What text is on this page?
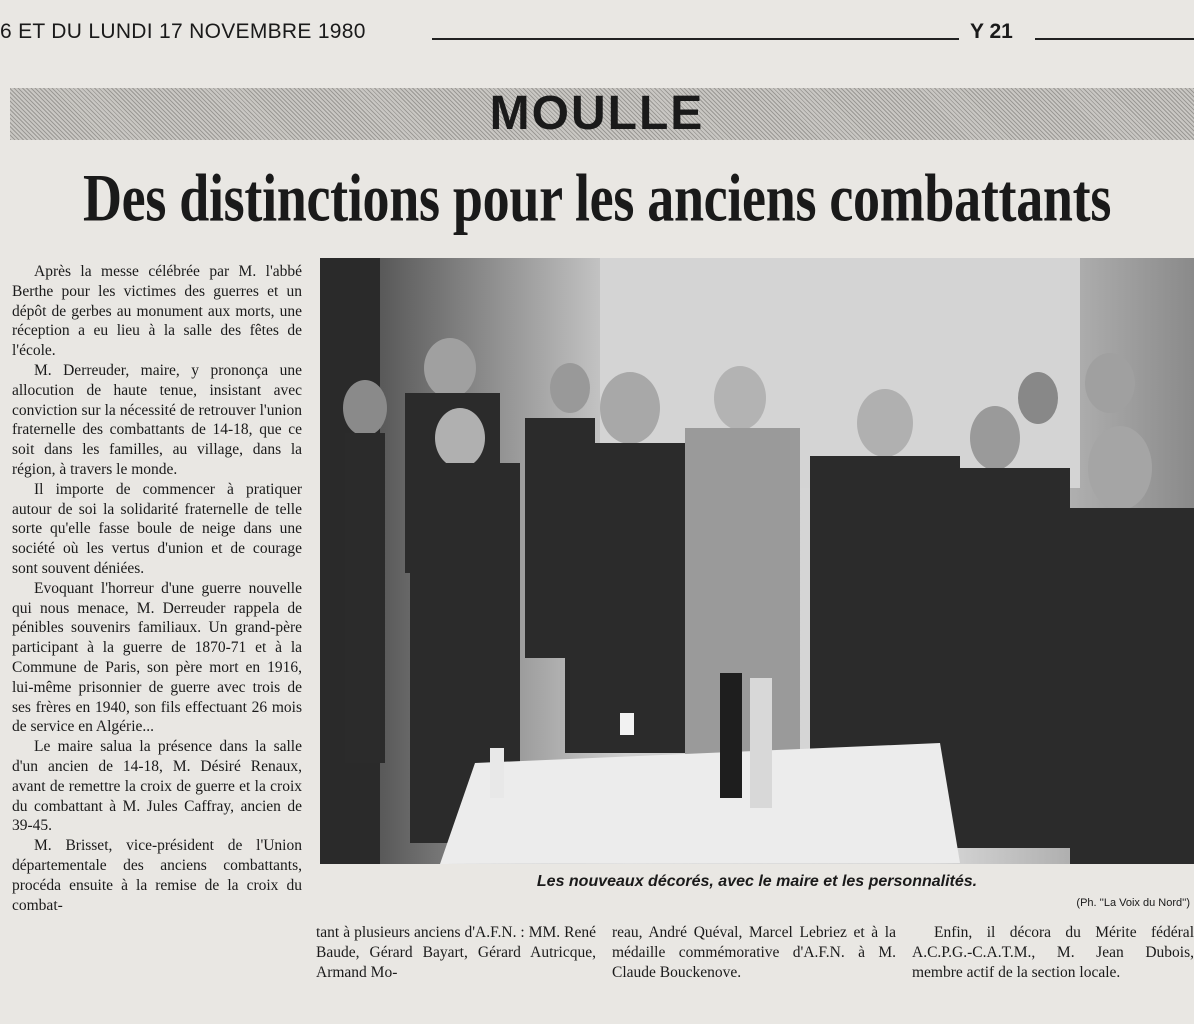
6 ET DU LUNDI 17 NOVEMBRE 1980	Y 21
MOULLE
Des distinctions pour les anciens combattants

Après la messe célébrée par M. l'abbé Berthe pour les victimes des guerres et un dépôt de gerbes au monument aux morts, une réception a eu lieu à la salle des fêtes de l'école.

M. Derreuder, maire, y prononça une allocution de haute tenue, insistant avec conviction sur la nécessité de retrouver l'union fraternelle des combattants de 14-18, que ce soit dans les familles, au village, dans la région, à travers le monde.

Il importe de commencer à pratiquer autour de soi la solidarité fraternelle de telle sorte qu'elle fasse boule de neige dans une société où les vertus d'union et de courage sont souvent déniées.

Evoquant l'horreur d'une guerre nouvelle qui nous menace, M. Derreuder rappela de pénibles souvenirs familiaux. Un grand-père participant à la guerre de 1870-71 et à la Commune de Paris, son père mort en 1916, lui-même prisonnier de guerre avec trois de ses frères en 1940, son fils effectuant 26 mois de service en Algérie...

Le maire salua la présence dans la salle d'un ancien de 14-18, M. Désiré Renaux, avant de remettre la croix de guerre et la croix du combattant à M. Jules Caffray, ancien de 39-45.

M. Brisset, vice-président de l'Union départementale des anciens combattants, procéda ensuite à la remise de la croix du combat-

Les nouveaux décorés, avec le maire et les personnalités.
(Ph. ''La Voix du Nord'')

tant à plusieurs anciens d'A.F.N. : MM. René Baude, Gérard Bayart, Gérard Autricque, Armand Mo-

reau, André Quéval, Marcel Lebriez et à la médaille commémorative d'A.F.N. à M. Claude Bouckenove.

Enfin, il décora du Mérite fédéral A.C.P.G.-C.A.T.M., M. Jean Dubois, membre actif de la section locale.
